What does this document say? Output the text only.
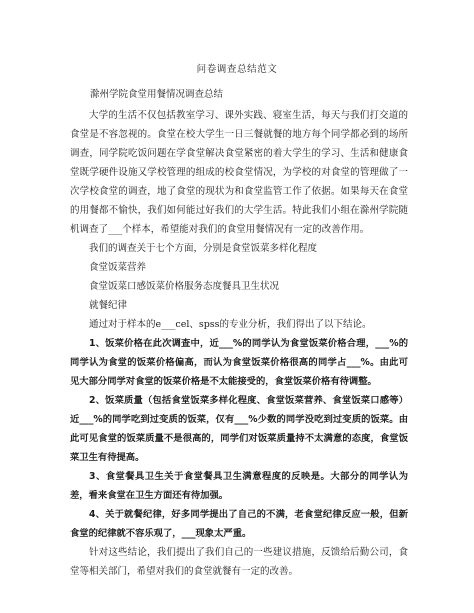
问卷调查总结范文
滁州学院食堂用餐情况调查总结

大学的生活不仅包括教室学习、课外实践、寝室生活，每天与我们打交道的食堂是不容忽视的。食堂在校大学生一日三餐就餐的地方每个同学都必到的场所调查，同学院吃饭问题在学食堂解决食堂紧密的着大学生的学习、生活和健康食堂既学硬件设施又学校管理的组成的校食堂情况，为学校的对食堂的管理做了一次学校食堂的调查，地了食堂的现状为和食堂监管工作了依据。如果每天在食堂的用餐都不愉快，我们如何能过好我们的大学生活。特此我们小组在滁州学院随机调查了___个样本，希望能对我们的食堂用餐情况有一定的改善作用。

我们的调查关于七个方面，分别是食堂饭菜多样化程度

食堂饭菜营养

食堂饭菜口感饭菜价格服务态度餐具卫生状况

就餐纪律

通过对于样本的e___cel、spss的专业分析，我们得出了以下结论。

1、饭菜价格在此次调查中，近___%的同学认为食堂饭菜价格合理，___%的同学认为食堂的饭菜价格偏高，而认为食堂饭菜价格很高的同学占___%。由此可见大部分同学对食堂的饭菜价格是不太能接受的，食堂饭菜价格有待调整。

2、饭菜质量（包括食堂饭菜多样化程度、食堂饭菜营养、食堂饭菜口感等）近___%的同学吃到过变质的饭菜，仅有___%少数的同学没吃到过变质的饭菜。由此可见食堂的饭菜质量不是很高的，同学们对饭菜质量持不太满意的态度，食堂饭菜卫生有待提高。

3、食堂餐具卫生关于食堂餐具卫生满意程度的反映是。大部分的同学认为差，看来食堂在卫生方面还有待加强。

4、关于就餐纪律，好多同学提出了自己的不满，老食堂纪律反应一般，但新食堂的纪律就不容乐观了，___现象太严重。

针对这些结论，我们提出了我们自己的一些建议措施，反馈给后勤公司，食堂等相关部门，希望对我们的食堂就餐有一定的改善。
